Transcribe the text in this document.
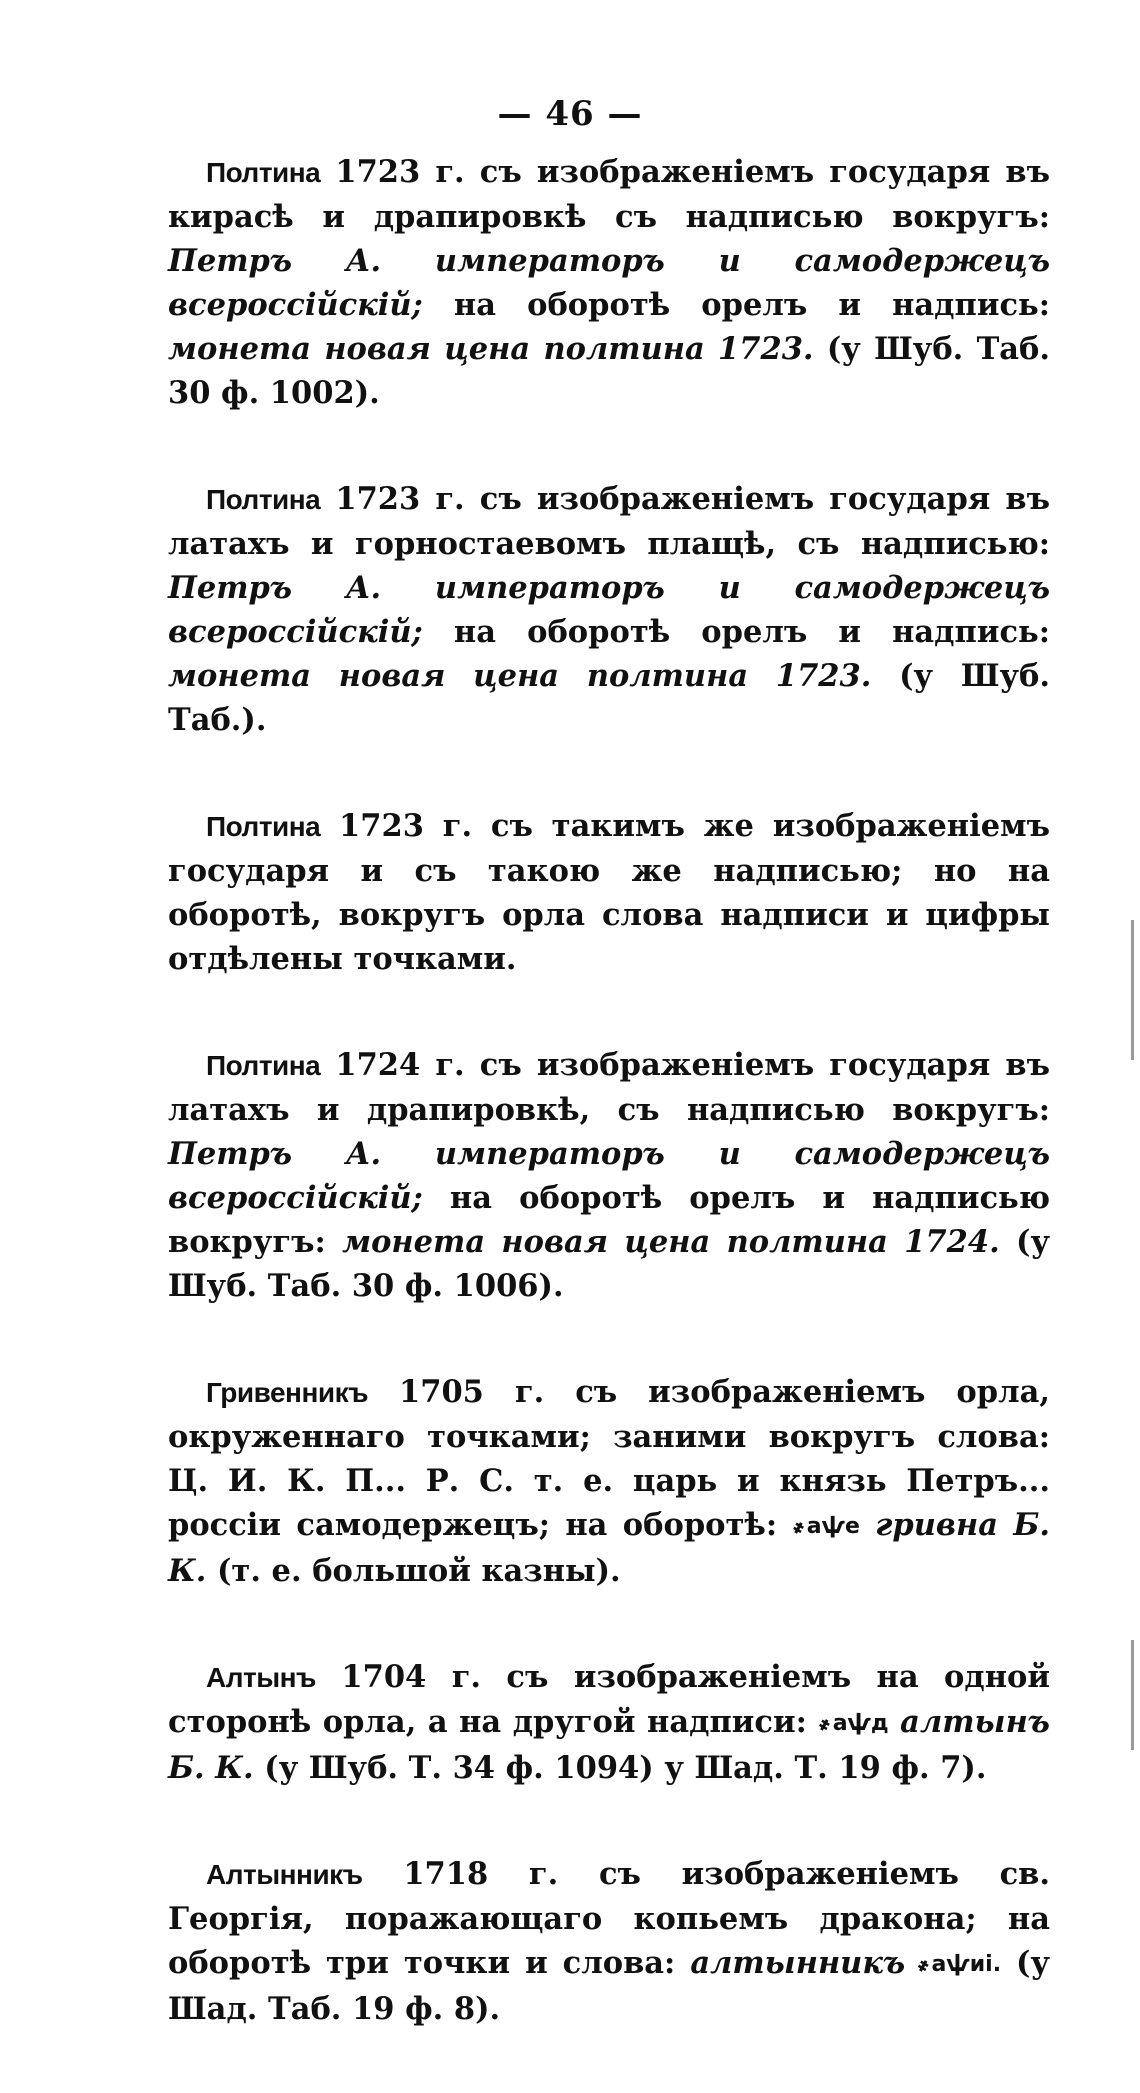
— 46 —

Полтина 1723 г. съ изображеніемъ государя въ кирасѣ и драпировкѣ съ надписью вокругъ: Петръ А. императоръ и самодержецъ всероссійскій; на оборотѣ орелъ и надпись: монета новая цена полтина 1723. (у Шуб. Таб. 30 ф. 1002).

Полтина 1723 г. съ изображеніемъ государя въ латахъ и горностаевомъ плащѣ, съ надписью: Петръ А. императоръ и самодержецъ всероссійскій; на оборотѣ орелъ и надпись: монета новая цена полтина 1723. (у Шуб. Таб.).

Полтина 1723 г. съ такимъ же изображеніемъ государя и съ такою же надписью; но на оборотѣ, вокругъ орла слова надписи и цифры отдѣлены точками.

Полтина 1724 г. съ изображеніемъ государя въ латахъ и драпировкѣ, съ надписью вокругъ: Петръ А. императоръ и самодержецъ всероссійскій; на оборотѣ орелъ и надписью вокругъ: монета новая цена полтина 1724. (у Шуб. Таб. 30 ф. 1006).

Гривенникъ 1705 г. съ изображеніемъ орла, окруженнаго точками; заними вокругъ слова: Ц. И. К. П... Р. С. т. е. царь и князь Петръ... россіи самодержецъ; на оборотѣ: ҂аѱе гривна Б. К. (т. е. большой казны).

Алтынъ 1704 г. съ изображеніемъ на одной сторонѣ орла, а на другой надписи: ҂аѱд алтынъ Б. К. (у Шуб. Т. 34 ф. 1094) у Шад. Т. 19 ф. 7).

Алтынникъ 1718 г. съ изображеніемъ св. Георгія, поражающаго копьемъ дракона; на оборотѣ три точки и слова: алтынникъ ҂аѱиі. (у Шад. Таб. 19 ф. 8).
